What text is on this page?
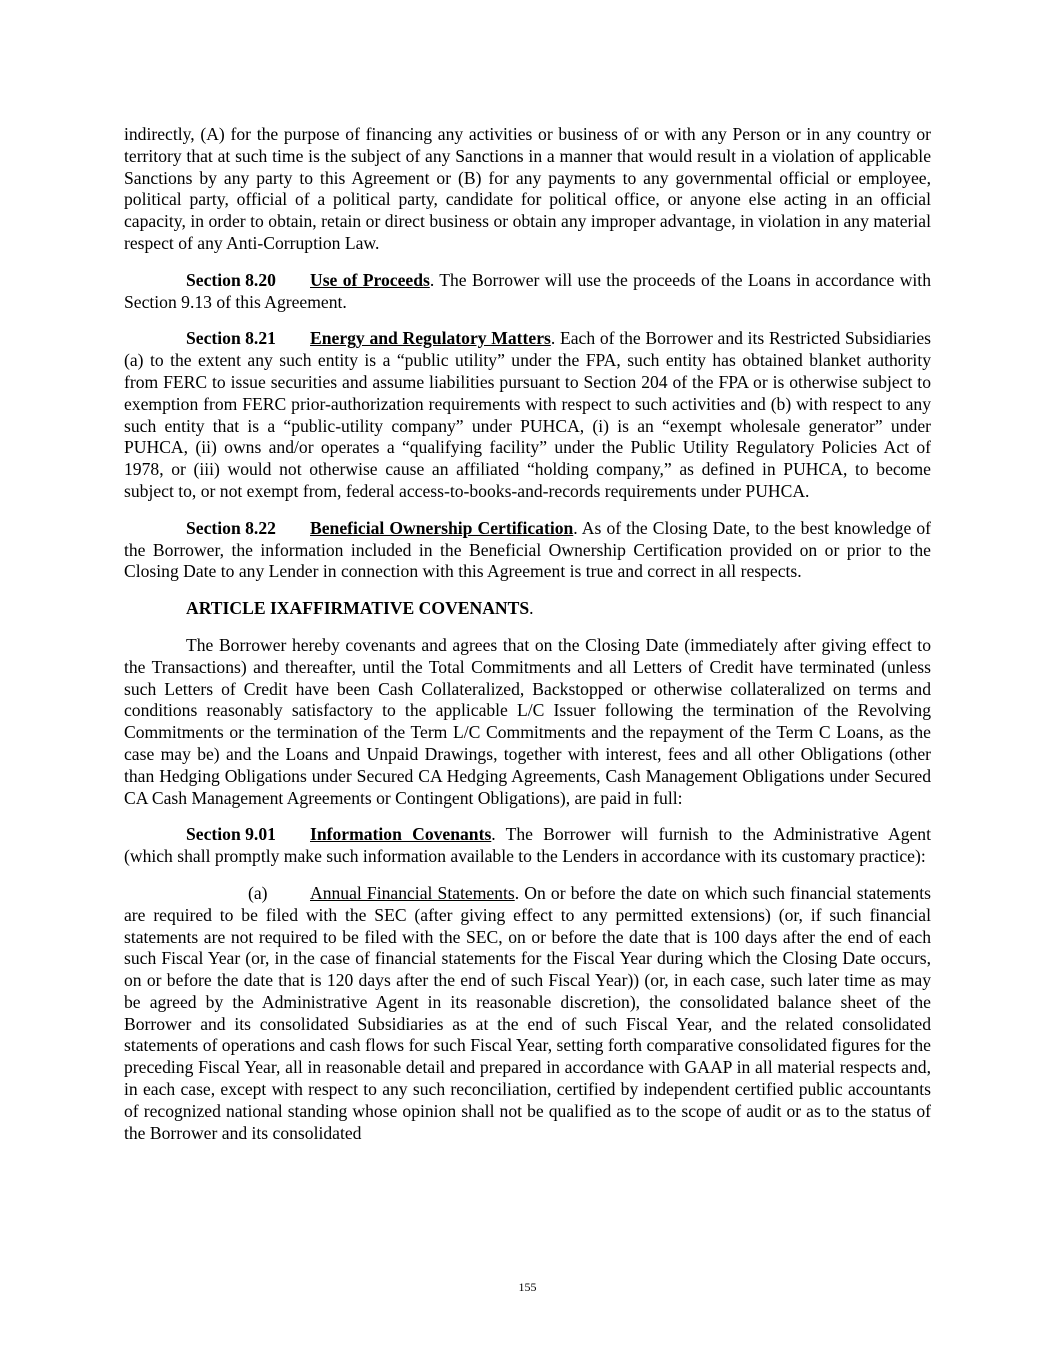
indirectly, (A) for the purpose of financing any activities or business of or with any Person or in any country or territory that at such time is the subject of any Sanctions in a manner that would result in a violation of applicable Sanctions by any party to this Agreement or (B) for any payments to any governmental official or employee, political party, official of a political party, candidate for political office, or anyone else acting in an official capacity, in order to obtain, retain or direct business or obtain any improper advantage, in violation in any material respect of any Anti-Corruption Law.

Section 8.20 Use of Proceeds. The Borrower will use the proceeds of the Loans in accordance with Section 9.13 of this Agreement.

Section 8.21 Energy and Regulatory Matters. Each of the Borrower and its Restricted Subsidiaries (a) to the extent any such entity is a “public utility” under the FPA, such entity has obtained blanket authority from FERC to issue securities and assume liabilities pursuant to Section 204 of the FPA or is otherwise subject to exemption from FERC prior-authorization requirements with respect to such activities and (b) with respect to any such entity that is a “public-utility company” under PUHCA, (i) is an “exempt wholesale generator” under PUHCA, (ii) owns and/or operates a “qualifying facility” under the Public Utility Regulatory Policies Act of 1978, or (iii) would not otherwise cause an affiliated “holding company,” as defined in PUHCA, to become subject to, or not exempt from, federal access-to-books-and-records requirements under PUHCA.

Section 8.22 Beneficial Ownership Certification. As of the Closing Date, to the best knowledge of the Borrower, the information included in the Beneficial Ownership Certification provided on or prior to the Closing Date to any Lender in connection with this Agreement is true and correct in all respects.

ARTICLE IXAFFIRMATIVE COVENANTS.

The Borrower hereby covenants and agrees that on the Closing Date (immediately after giving effect to the Transactions) and thereafter, until the Total Commitments and all Letters of Credit have terminated (unless such Letters of Credit have been Cash Collateralized, Backstopped or otherwise collateralized on terms and conditions reasonably satisfactory to the applicable L/C Issuer following the termination of the Revolving Commitments or the termination of the Term L/C Commitments and the repayment of the Term C Loans, as the case may be) and the Loans and Unpaid Drawings, together with interest, fees and all other Obligations (other than Hedging Obligations under Secured CA Hedging Agreements, Cash Management Obligations under Secured CA Cash Management Agreements or Contingent Obligations), are paid in full:

Section 9.01 Information Covenants. The Borrower will furnish to the Administrative Agent (which shall promptly make such information available to the Lenders in accordance with its customary practice):

(a) Annual Financial Statements. On or before the date on which such financial statements are required to be filed with the SEC (after giving effect to any permitted extensions) (or, if such financial statements are not required to be filed with the SEC, on or before the date that is 100 days after the end of each such Fiscal Year (or, in the case of financial statements for the Fiscal Year during which the Closing Date occurs, on or before the date that is 120 days after the end of such Fiscal Year)) (or, in each case, such later time as may be agreed by the Administrative Agent in its reasonable discretion), the consolidated balance sheet of the Borrower and its consolidated Subsidiaries as at the end of such Fiscal Year, and the related consolidated statements of operations and cash flows for such Fiscal Year, setting forth comparative consolidated figures for the preceding Fiscal Year, all in reasonable detail and prepared in accordance with GAAP in all material respects and, in each case, except with respect to any such reconciliation, certified by independent certified public accountants of recognized national standing whose opinion shall not be qualified as to the scope of audit or as to the status of the Borrower and its consolidated

155
